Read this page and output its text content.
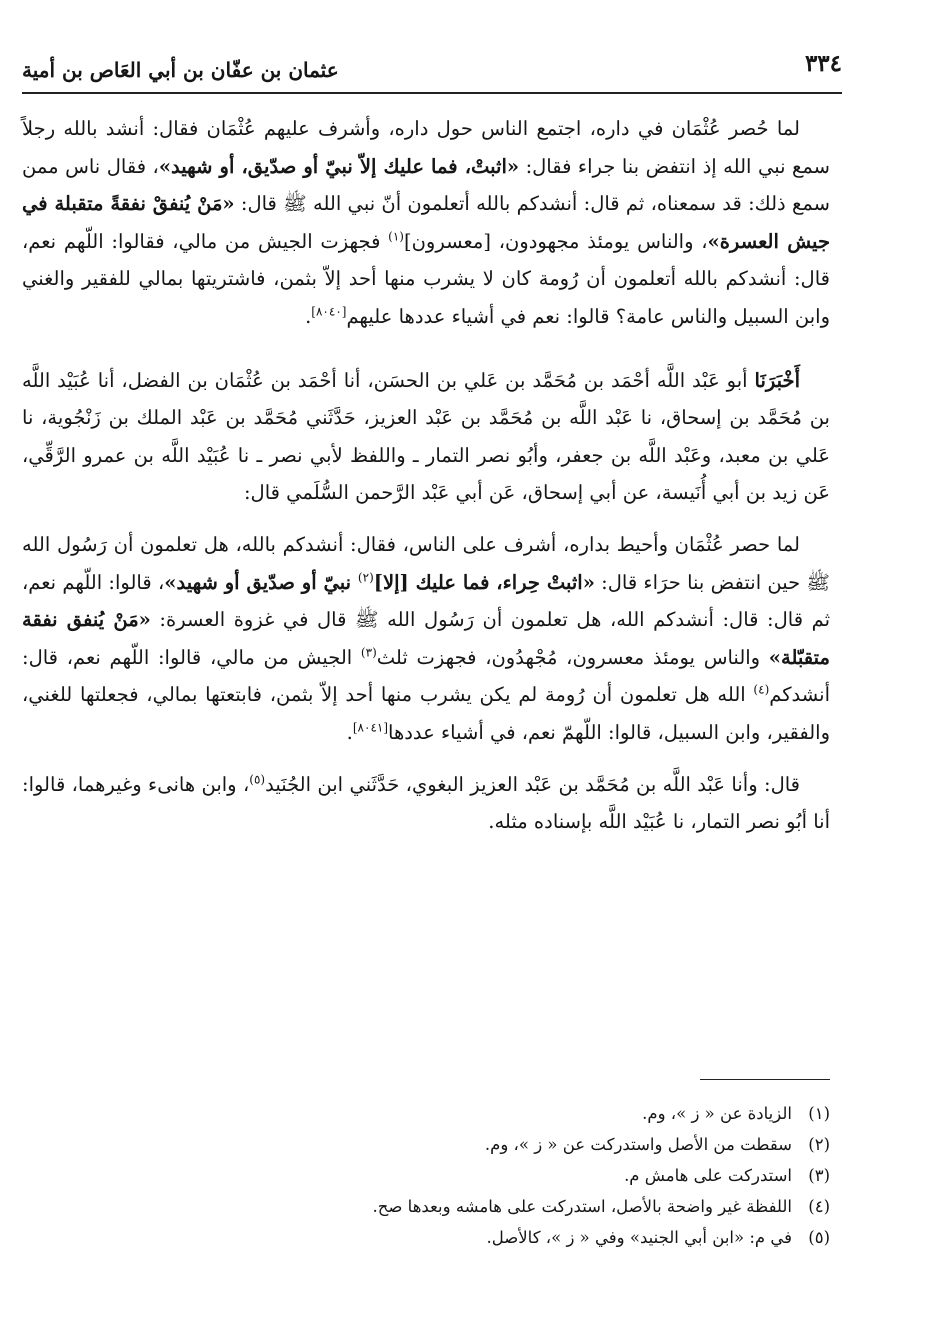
٣٣٤
عثمان بن عفّان بن أبي العَاص بن أمية

لما حُصر عُثْمَان في داره، اجتمع الناس حول داره، وأشرف عليهم عُثْمَان فقال: أنشد بالله رجلاً سمع نبي الله إذ انتفض بنا جراء فقال: «اثبتْ، فما عليك إلاّ نبيّ أو صدّيق، أو شهيد»، فقال ناس ممن سمع ذلك: قد سمعناه، ثم قال: أنشدكم بالله أتعلمون أنّ نبي الله ﷺ قال: «مَنْ يُنفقْ نفقةً متقبلة في جيش العسرة»، والناس يومئذ مجهودون، [معسرون]$^{(١)}$ فجهزت الجيش من مالي، فقالوا: اللّهم نعم، قال: أنشدكم بالله أتعلمون أن رُومة كان لا يشرب منها أحد إلاّ بثمن، فاشتريتها بمالي للفقير والغني وابن السبيل والناس عامة؟ قالوا: نعم في أشياء عددها عليهم[٨٠٤٠].

أَخْبَرَنَا أبو عَبْد اللَّه أحْمَد بن مُحَمَّد بن عَلي بن الحسَن، أنا أحْمَد بن عُثْمَان بن الفضل، أنا عُبَيْد اللَّه بن مُحَمَّد بن إسحاق، نا عَبْد اللَّه بن مُحَمَّد بن عَبْد العزيز، حَدَّثَني مُحَمَّد بن عَبْد الملك بن زَنْجُوية، نا عَلي بن معبد، وعَبْد اللَّه بن جعفر، وأبُو نصر التمار ـ واللفظ لأبي نصر ـ نا عُبَيْد اللَّه بن عمرو الرَّقِّي، عَن زيد بن أبي أُنَيسة، عن أبي إسحاق، عَن أبي عَبْد الرَّحمن السُّلَمي قال:

لما حصر عُثْمَان وأحيط بداره، أشرف على الناس، فقال: أنشدكم بالله، هل تعلمون أن رَسُول الله ﷺ حين انتفض بنا حرَاء قال: «اثبتْ حِراء، فما عليك [إلا]$^{(٢)}$ نبيّ أو صدّيق أو شهيد»، قالوا: اللّهم نعم، ثم قال: قال: أنشدكم الله، هل تعلمون أن رَسُول الله ﷺ قال في غزوة العسرة: «مَنْ يُنفق نفقة متقبّلة» والناس يومئذ معسرون، مُجْهدُون، فجهزت ثلث$^{(٣)}$ الجيش من مالي، قالوا: اللّهم نعم، قال: أنشدكم$^{(٤)}$ الله هل تعلمون أن رُومة لم يكن يشرب منها أحد إلاّ بثمن، فابتعتها بمالي، فجعلتها للغني، والفقير، وابن السبيل، قالوا: اللّهمّ نعم، في أشياء عددها[٨٠٤١].

قال: وأنا عَبْد اللَّه بن مُحَمَّد بن عَبْد العزيز البغوي، حَدَّثَني ابن الجُنَيد$^{(٥)}$، وابن هانىء وغيرهما، قالوا: أنا أبُو نصر التمار، نا عُبَيْد اللَّه بإسناده مثله.

(١)
الزيادة عن « ز »، وم.
(٢)
سقطت من الأصل واستدركت عن « ز »، وم.
(٣)
استدركت على هامش م.
(٤)
اللفظة غير واضحة بالأصل، استدركت على هامشه وبعدها صح.
(٥)
في م: «ابن أبي الجنيد» وفي « ز »، كالأصل.
